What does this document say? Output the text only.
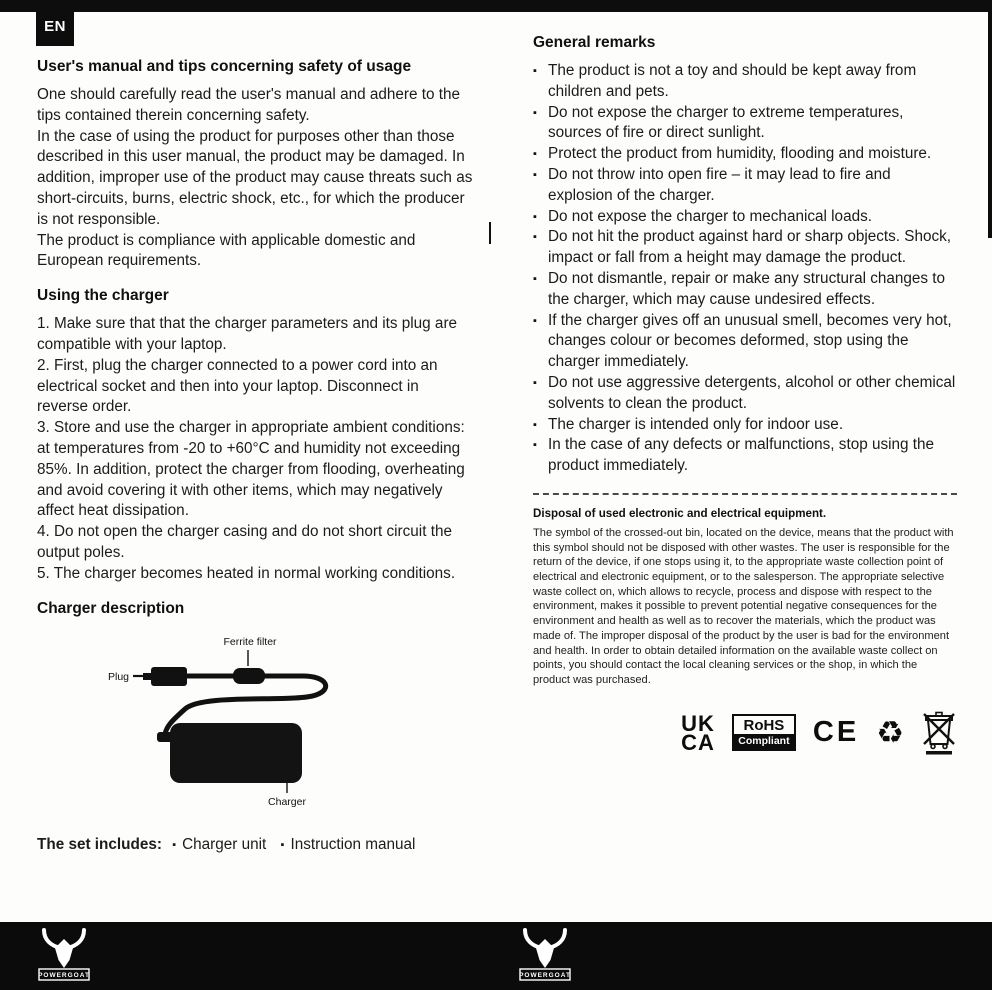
EN
User's manual and tips concerning safety of usage

One should carefully read the user's manual and adhere to the tips contained therein concerning safety.

In the case of using the product for purposes other than those described in this user manual, the product may be damaged. In addition, improper use of the product may cause threats such as short-circuits, burns, electric shock, etc., for which the producer is not responsible.

The product is compliance with applicable domestic and European requirements.

Using the charger

1. Make sure that that the charger parameters and its plug are compatible with your laptop.

2. First, plug the charger connected to a power cord into an electrical socket and then into your laptop. Disconnect in reverse order.

3. Store and use the charger in appropriate ambient conditions: at temperatures from -20 to +60°C and humidity not exceeding 85%. In addition, protect the charger from flooding, overheating and avoid covering it with other items, which may negatively affect heat dissipation.

4. Do not open the charger casing and do not short circuit the output poles.

5. The charger becomes heated in normal working conditions.

Charger description
Ferrite filter
Plug
Charger

The set includes: ▪ Charger unit ▪ Instruction manual

General remarks
▪ The product is not a toy and should be kept away from children and pets.
▪ Do not expose the charger to extreme temperatures, sources of fire or direct sunlight.
▪ Protect the product from humidity, flooding and moisture.
▪ Do not throw into open fire – it may lead to fire and explosion of the charger.
▪ Do not expose the charger to mechanical loads.
▪ Do not hit the product against hard or sharp objects. Shock, impact or fall from a height may damage the product.
▪ Do not dismantle, repair or make any structural changes to the charger, which may cause undesired effects.
▪ If the charger gives off an unusual smell, becomes very hot, changes colour or becomes deformed, stop using the charger immediately.
▪ Do not use aggressive detergents, alcohol or other chemical solvents to clean the product.
▪ The charger is intended only for indoor use.
▪ In the case of any defects or malfunctions, stop using the product immediately.
Disposal of used electronic and electrical equipment.

The symbol of the crossed-out bin, located on the device, means that the product with this symbol should not be disposed with other wastes. The user is responsible for the return of the device, if one stops using it, to the appropriate waste collection point of electrical and electronic equipment, or to the salesperson. The appropriate selective waste collect on, which allows to recycle, process and dispose with respect to the environment, makes it possible to prevent potential negative consequences for the environment and health as well as to recover the materials, which the product was made of. The improper disposal of the product by the user is bad for the environment and health. In order to obtain detailed information on the available waste collect on points, you should contact the local cleaning services or the shop, in which the product was purchased.

UK
CA
RoHS
Compliant CE ♻
POWERGOAT	POWERGOAT
